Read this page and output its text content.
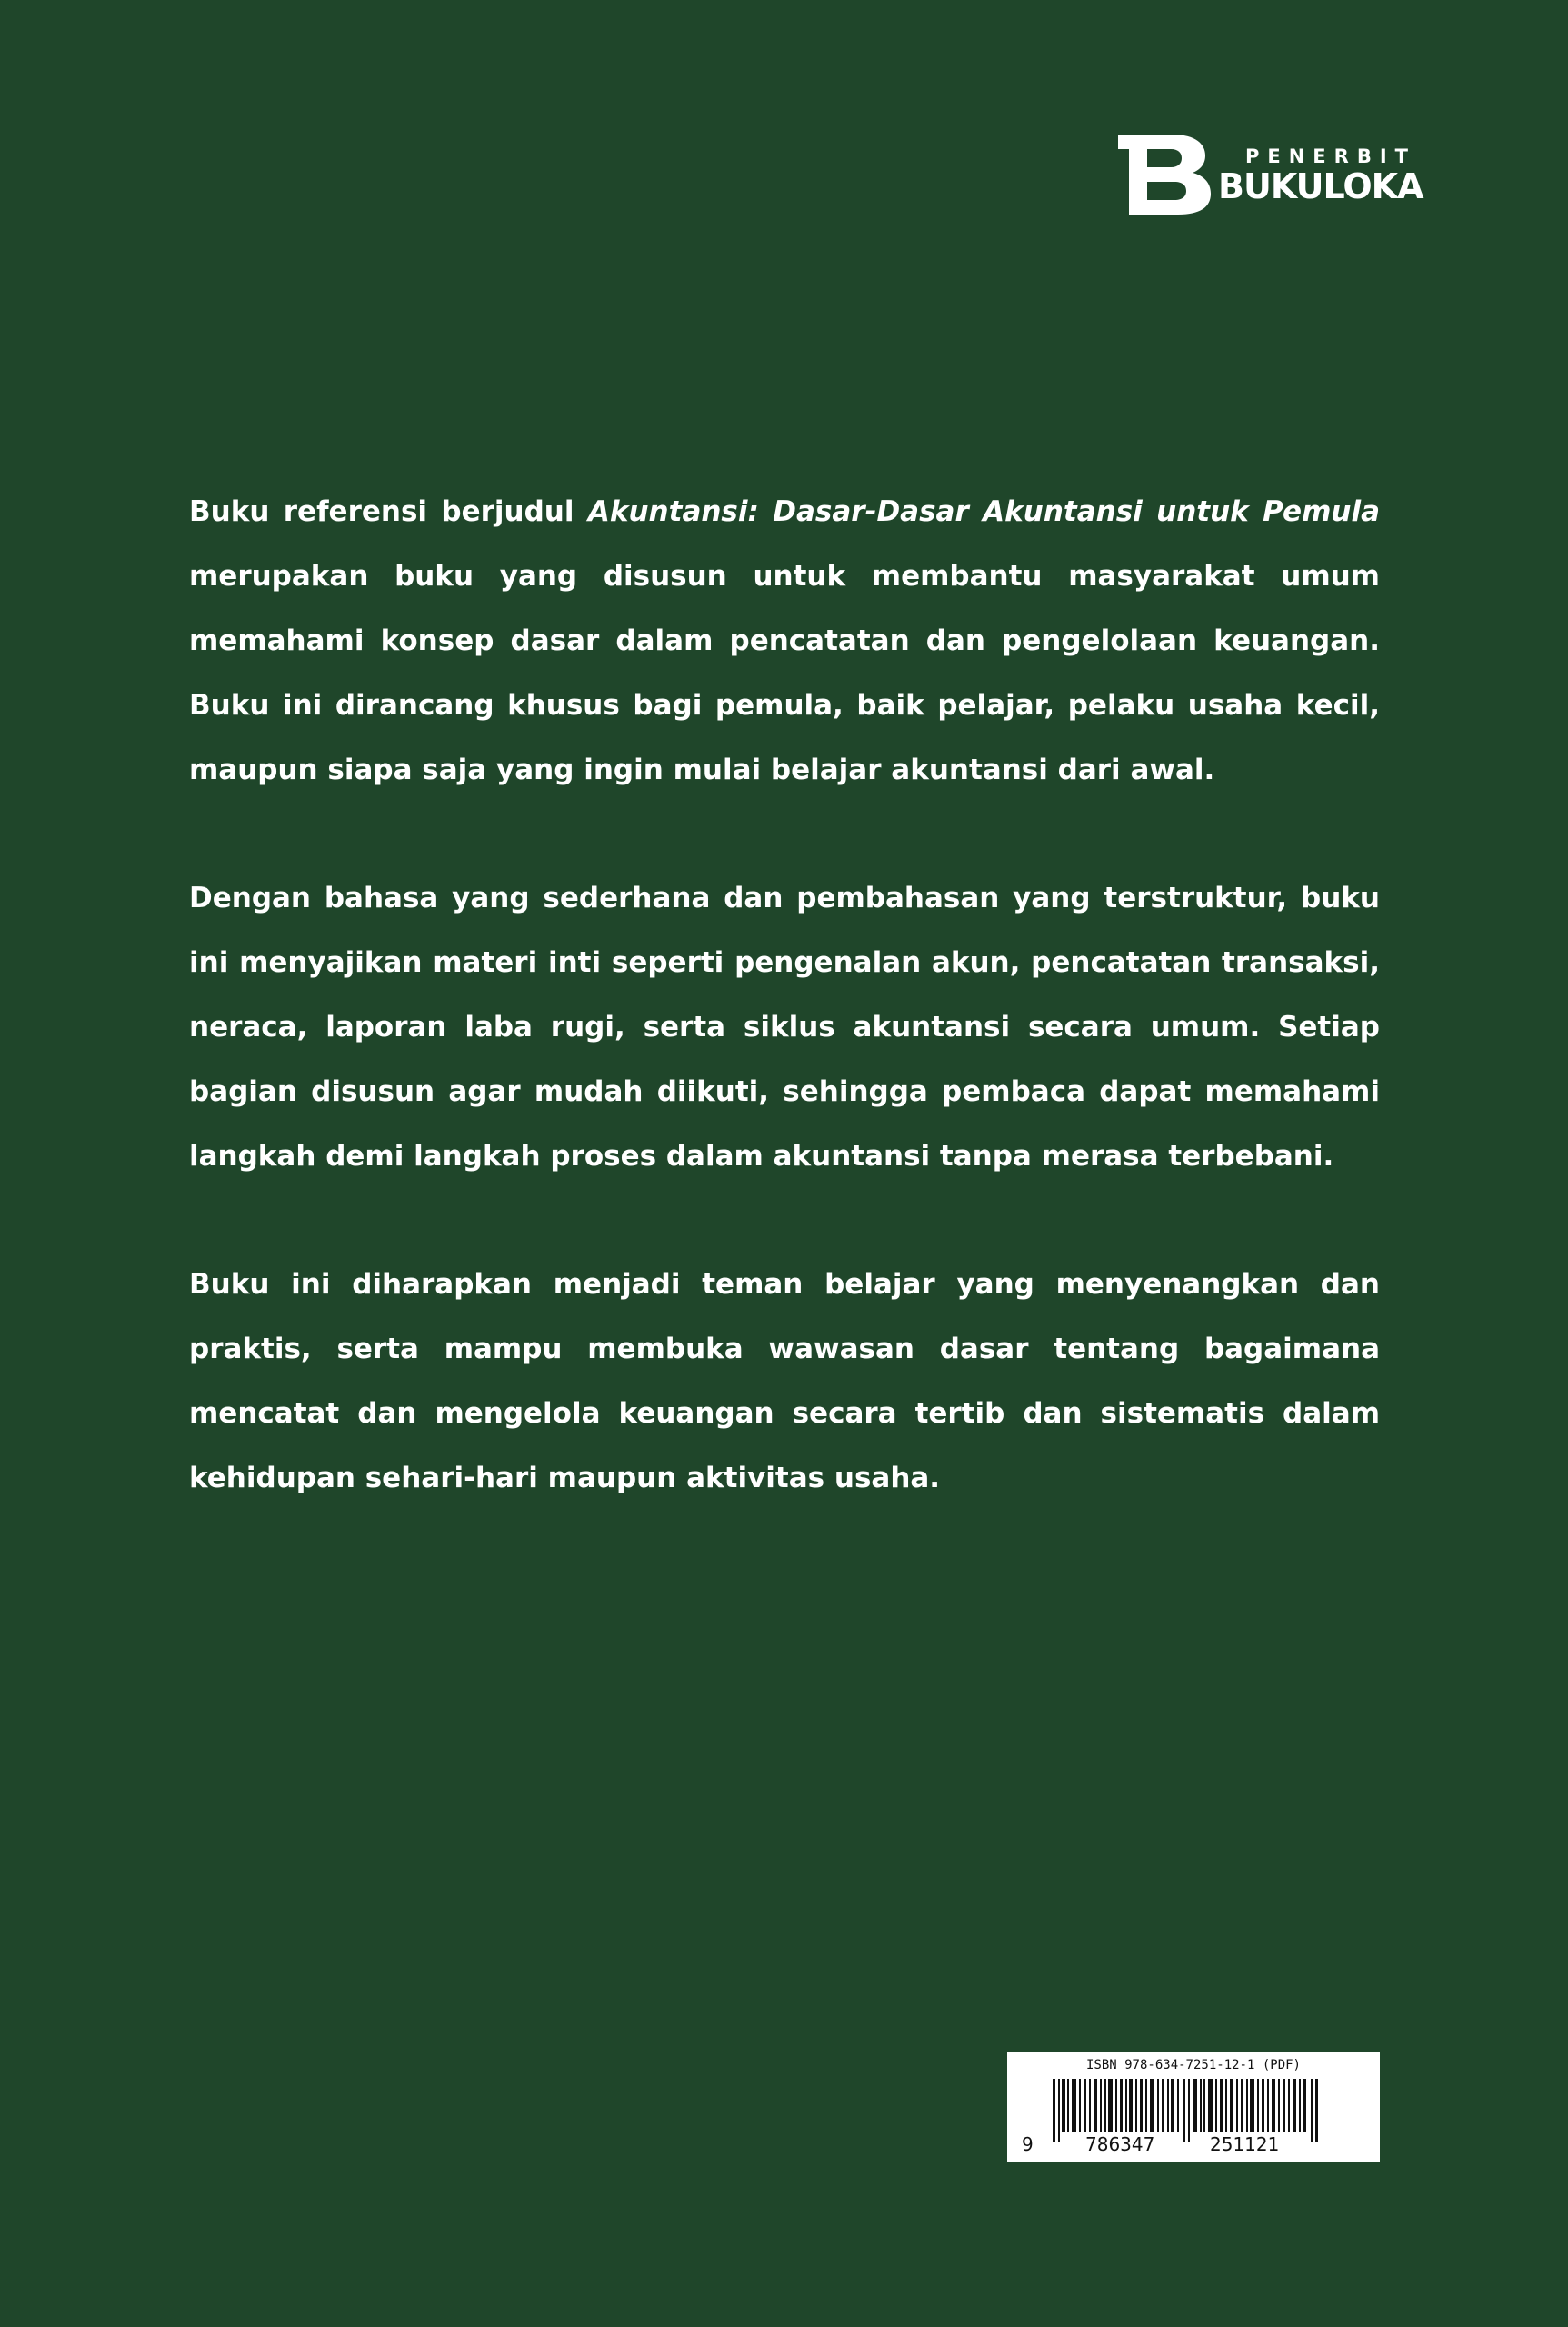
PENERBIT
BUKULOKA

Buku referensi berjudul Akuntansi: Dasar-Dasar Akuntansi untuk Pemula merupakan buku yang disusun untuk membantu masyarakat umum memahami konsep dasar dalam pencatatan dan pengelolaan keuangan. Buku ini dirancang khusus bagi pemula, baik pelajar, pelaku usaha kecil, maupun siapa saja yang ingin mulai belajar akuntansi dari awal.

Dengan bahasa yang sederhana dan pembahasan yang terstruktur, buku ini menyajikan materi inti seperti pengenalan akun, pencatatan transaksi, neraca, laporan laba rugi, serta siklus akuntansi secara umum. Setiap bagian disusun agar mudah diikuti, sehingga pembaca dapat memahami langkah demi langkah proses dalam akuntansi tanpa merasa terbebani.

Buku ini diharapkan menjadi teman belajar yang menyenangkan dan praktis, serta mampu membuka wawasan dasar tentang bagaimana mencatat dan mengelola keuangan secara tertib dan sistematis dalam kehidupan sehari-hari maupun aktivitas usaha.

ISBN 978-634-7251-12-1 (PDF)
9	786347	251121
